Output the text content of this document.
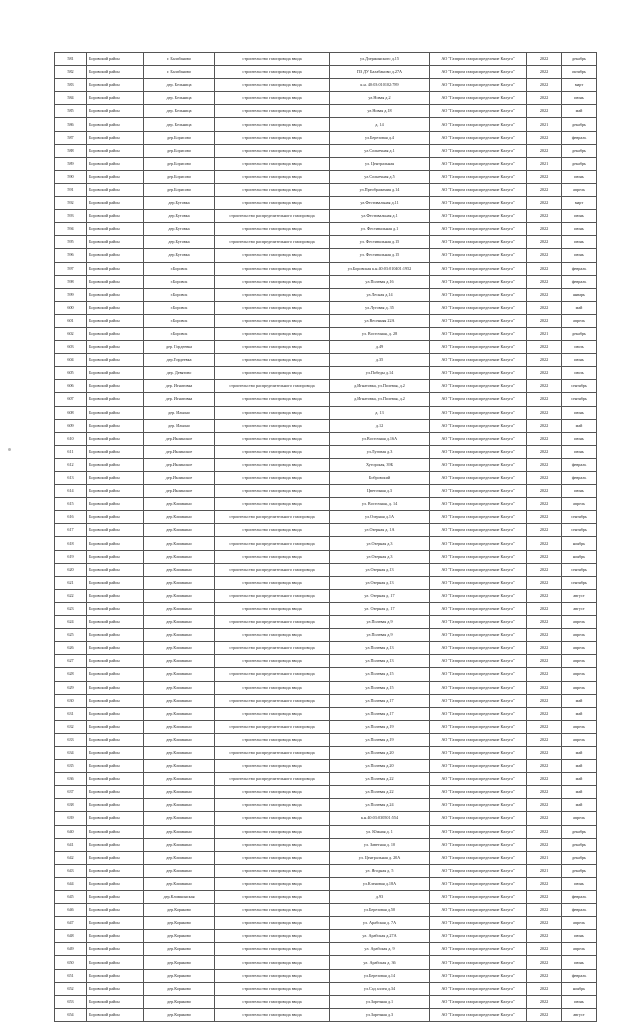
581	Боровский район	г. Балабаново	строительство газопровода ввода	ул.Дзержинского д.15	АО "Газпром газораспределение Калуга"	2022	декабрь
582	Боровский район	г. Балабаново	строительство газопровода ввода	ПЗ ДУ Балабаново д.27А	АО "Газпром газораспределение Калуга"	2022	октябрь
583	Боровский район	дер. Бельница	строительство газопровода ввода	к.н. 40:03:010102:789	АО "Газпром газораспределение Калуга"	2022	март
584	Боровский район	дер. Бельница	строительство газопровода ввода	ул.Новая д.2	АО "Газпром газораспределение Калуга"	2022	июнь
585	Боровский район	дер. Бельница	строительство газопровода ввода	ул.Новая д.18	АО "Газпром газораспределение Калуга"	2022	май
586	Боровский район	дер. Бельница	строительство газопровода ввода	д. 14	АО "Газпром газораспределение Калуга"	2021	декабрь
587	Боровский район	дер.Борисово	строительство газопровода ввода	ул.Березовая д.4	АО "Газпром газораспределение Калуга"	2022	февраль
588	Боровский район	дер.Борисово	строительство газопровода ввода	ул.Солнечная д.1	АО "Газпром газораспределение Калуга"	2022	декабрь
589	Боровский район	дер.Борисово	строительство газопровода ввода	ул. Центральная	АО "Газпром газораспределение Калуга"	2021	декабрь
590	Боровский район	дер.Борисово	строительство газопровода ввода	ул.Солнечная д.5	АО "Газпром газораспределение Калуга"	2022	июнь
591	Боровский район	дер.Борисово	строительство газопровода ввода	ул.Преображения д.14	АО "Газпром газораспределение Калуга"	2022	апрель
592	Боровский район	дер.Бутовка	строительство газопровода ввода	ул.Фестивальная д.11	АО "Газпром газораспределение Калуга"	2022	март
593	Боровский район	дер.Бутовка	строительство распределительного газопровода	ул.Фестивальная д.1	АО "Газпром газораспределение Калуга"	2022	июнь
594	Боровский район	дер.Бутовка	строительство газопровода ввода	ул. Фестивальная д.1	АО "Газпром газораспределение Калуга"	2022	июнь
595	Боровский район	дер.Бутовка	строительство распределительного газопровода	ул. Фестивальная д.15	АО "Газпром газораспределение Калуга"	2022	июнь
596	Боровский район	дер.Бутовка	строительство газопровода ввода	ул. Фестивальная д.15	АО "Газпром газораспределение Калуга"	2022	июнь
597	Боровский район	г.Боровск	строительство газопровода ввода	ул.Боровская к.н.40:03:010401:1952	АО "Газпром газораспределение Калуга"	2022	февраль
598	Боровский район	г.Боровск	строительство газопровода ввода	ул.Полевая д.16	АО "Газпром газораспределение Калуга"	2022	февраль
599	Боровский район	г.Боровск	строительство газопровода ввода	ул.Лесная д.14	АО "Газпром газораспределение Калуга"	2022	январь
600	Боровский район	г.Боровск	строительство газопровода ввода	ул.Луговая д. 35	АО "Газпром газораспределение Калуга"	2022	май
601	Боровский район	г.Боровск	строительство газопровода ввода	ул.Весенняя 22А	АО "Газпром газораспределение Калуга"	2022	апрель
602	Боровский район	г.Боровск	строительство газопровода ввода	ул. Восточная, д. 28	АО "Газпром газораспределение Калуга"	2021	декабрь
603	Боровский район	дер. Гордеевка	строительство газопровода ввода	д.49	АО "Газпром газораспределение Калуга"	2022	июль
604	Боровский район	дер.Гордеевка	строительство газопровода ввода	д.35	АО "Газпром газораспределение Калуга"	2022	июнь
605	Боровский район	дер. Девятово	строительство газопровода ввода	ул.Победы д.14	АО "Газпром газораспределение Калуга"	2022	июль
606	Боровский район	дер. Игнатовка	строительство распределительного газопровода	д.Игнатовка, ул.Полевая, д.2	АО "Газпром газораспределение Калуга"	2022	сентябрь
607	Боровский район	дер. Игнатовка	строительство газопровода ввода	д.Игнатовка, ул.Полевая, д.2	АО "Газпром газораспределение Калуга"	2022	сентябрь
608	Боровский район	дер. Ильино	строительство газопровода ввода	д. 13	АО "Газпром газораспределение Калуга"	2022	июнь
609	Боровский район	дер. Ильино	строительство газопровода ввода	д.12	АО "Газпром газораспределение Калуга"	2022	май
610	Боровский район	дер.Иклинское	строительство газопровода ввода	ул.Восточная д.16А	АО "Газпром газораспределение Калуга"	2022	июнь
611	Боровский район	дер.Иклинское	строительство газопровода ввода	ул.Луговая д.3	АО "Газпром газораспределение Калуга"	2022	июнь
612	Боровский район	дер.Иклинское	строительство газопровода ввода	Хуторская, 39Б	АО "Газпром газораспределение Калуга"	2022	февраль
613	Боровский район	дер.Иклинское	строительство газопровода ввода	Бобровский	АО "Газпром газораспределение Калуга"	2022	февраль
614	Боровский район	дер.Иклинское	строительство газопровода ввода	Цветочная д.3	АО "Газпром газораспределение Калуга"	2022	июнь
615	Боровский район	дер.Климкино	строительство газопровода ввода	ул. Восточная, д. 14	АО "Газпром газораспределение Калуга"	2022	апрель
616	Боровский район	дер.Климкино	строительство распределительного газопровода	ул.Озерная д.1А	АО "Газпром газораспределение Калуга"	2022	сентябрь
617	Боровский район	дер.Климкино	строительство газопровода ввода	ул.Озерная д. 1А	АО "Газпром газораспределение Калуга"	2022	сентябрь
618	Боровский район	дер.Климкино	строительство распределительного газопровода	ул.Озерная д.3	АО "Газпром газораспределение Калуга"	2022	ноябрь
619	Боровский район	дер.Климкино	строительство газопровода ввода	ул.Озерная д.3	АО "Газпром газораспределение Калуга"	2022	ноябрь
620	Боровский район	дер.Климкино	строительство распределительного газопровода	ул.Озерная д.13	АО "Газпром газораспределение Калуга"	2022	сентябрь
621	Боровский район	дер.Климкино	строительство газопровода ввода	ул.Озерная д.13	АО "Газпром газораспределение Калуга"	2022	сентябрь
622	Боровский район	дер.Климкино	строительство распределительного газопровода	ул. Озерная д. 17	АО "Газпром газораспределение Калуга"	2022	август
623	Боровский район	дер.Климкино	строительство газопровода ввода	ул. Озерная д. 17	АО "Газпром газораспределение Калуга"	2022	август
624	Боровский район	дер.Климкино	строительство распределительного газопровода	ул.Полевая д.9	АО "Газпром газораспределение Калуга"	2022	апрель
625	Боровский район	дер.Климкино	строительство газопровода ввода	ул.Полевая д.9	АО "Газпром газораспределение Калуга"	2022	апрель
626	Боровский район	дер.Климкино	строительство распределительного газопровода	ул.Полевая д.13	АО "Газпром газораспределение Калуга"	2022	апрель
627	Боровский район	дер.Климкино	строительство газопровода ввода	ул.Полевая д.13	АО "Газпром газораспределение Калуга"	2022	апрель
628	Боровский район	дер.Климкино	строительство распределительного газопровода	ул.Полевая д.15	АО "Газпром газораспределение Калуга"	2022	апрель
629	Боровский район	дер.Климкино	строительство газопровода ввода	ул.Полевая д.15	АО "Газпром газораспределение Калуга"	2022	апрель
630	Боровский район	дер.Климкино	строительство распределительного газопровода	ул.Полевая д.17	АО "Газпром газораспределение Калуга"	2022	май
631	Боровский район	дер.Климкино	строительство газопровода ввода	ул.Полевая д.17	АО "Газпром газораспределение Калуга"	2022	май
632	Боровский район	дер.Климкино	строительство распределительного газопровода	ул.Полевая д.19	АО "Газпром газораспределение Калуга"	2022	апрель
633	Боровский район	дер.Климкино	строительство газопровода ввода	ул.Полевая д.19	АО "Газпром газораспределение Калуга"	2022	апрель
634	Боровский район	дер.Климкино	строительство распределительного газопровода	ул.Полевая д.20	АО "Газпром газораспределение Калуга"	2022	май
635	Боровский район	дер.Климкино	строительство газопровода ввода	ул.Полевая д.20	АО "Газпром газораспределение Калуга"	2022	май
636	Боровский район	дер.Климкино	строительство распределительного газопровода	ул.Полевая д.22	АО "Газпром газораспределение Калуга"	2022	май
637	Боровский район	дер.Климкино	строительство газопровода ввода	ул.Полевая д.22	АО "Газпром газораспределение Калуга"	2022	май
638	Боровский район	дер.Климкино	строительство газопровода ввода	ул.Полевая д.24	АО "Газпром газораспределение Калуга"	2022	май
639	Боровский район	дер.Климкино	строительство газопровода ввода	к.н.40:03:030501:554	АО "Газпром газораспределение Калуга"	2022	апрель
640	Боровский район	дер.Климкино	строительство газопровода ввода	ул. Южная д. 1	АО "Газпром газораспределение Калуга"	2022	декабрь
641	Боровский район	дер.Климкино	строительство газопровода ввода	ул. Заветная д. 10	АО "Газпром газораспределение Калуга"	2022	декабрь
642	Боровский район	дер.Климкино	строительство газопровода ввода	ул. Центральная д. 20А	АО "Газпром газораспределение Калуга"	2021	декабрь
643	Боровский район	дер.Климкино	строительство газопровода ввода	ул. Ягодная д. 5	АО "Газпром газораспределение Калуга"	2021	декабрь
644	Боровский район	дер.Климкино	строительство газопровода ввода	ул.Кленовая д.18А	АО "Газпром газораспределение Калуга"	2022	июнь
645	Боровский район	дер.Климкинская	строительство газопровода ввода	д.93	АО "Газпром газораспределение Калуга"	2022	февраль
646	Боровский район	дер.Коряково	строительство газопровода ввода	ул.Березовая д.50	АО "Газпром газораспределение Калуга"	2022	февраль
647	Боровский район	дер.Коряково	строительство газопровода ввода	ул. Арабская д. 7А	АО "Газпром газораспределение Калуга"	2022	апрель
648	Боровский район	дер.Коряково	строительство газопровода ввода	ул. Арабская д.27А	АО "Газпром газораспределение Калуга"	2022	июнь
649	Боровский район	дер.Коряково	строительство газопровода ввода	ул. Арабская д. 9	АО "Газпром газораспределение Калуга"	2022	апрель
650	Боровский район	дер.Коряково	строительство газопровода ввода	ул. Арабская д. 36	АО "Газпром газораспределение Калуга"	2022	июнь
651	Боровский район	дер.Коряково	строительство газопровода ввода	ул.Березовая д.14	АО "Газпром газораспределение Калуга"	2022	февраль
652	Боровский район	дер.Коряково	строительство газопровода ввода	ул.Сад аллея д.34	АО "Газпром газораспределение Калуга"	2022	ноябрь
653	Боровский район	дер.Коряково	строительство газопровода ввода	ул.Заречная д.1	АО "Газпром газораспределение Калуга"	2022	июнь
654	Боровский район	дер.Коряково	строительство газопровода ввода	ул.Заречная д.3	АО "Газпром газораспределение Калуга"	2022	август
